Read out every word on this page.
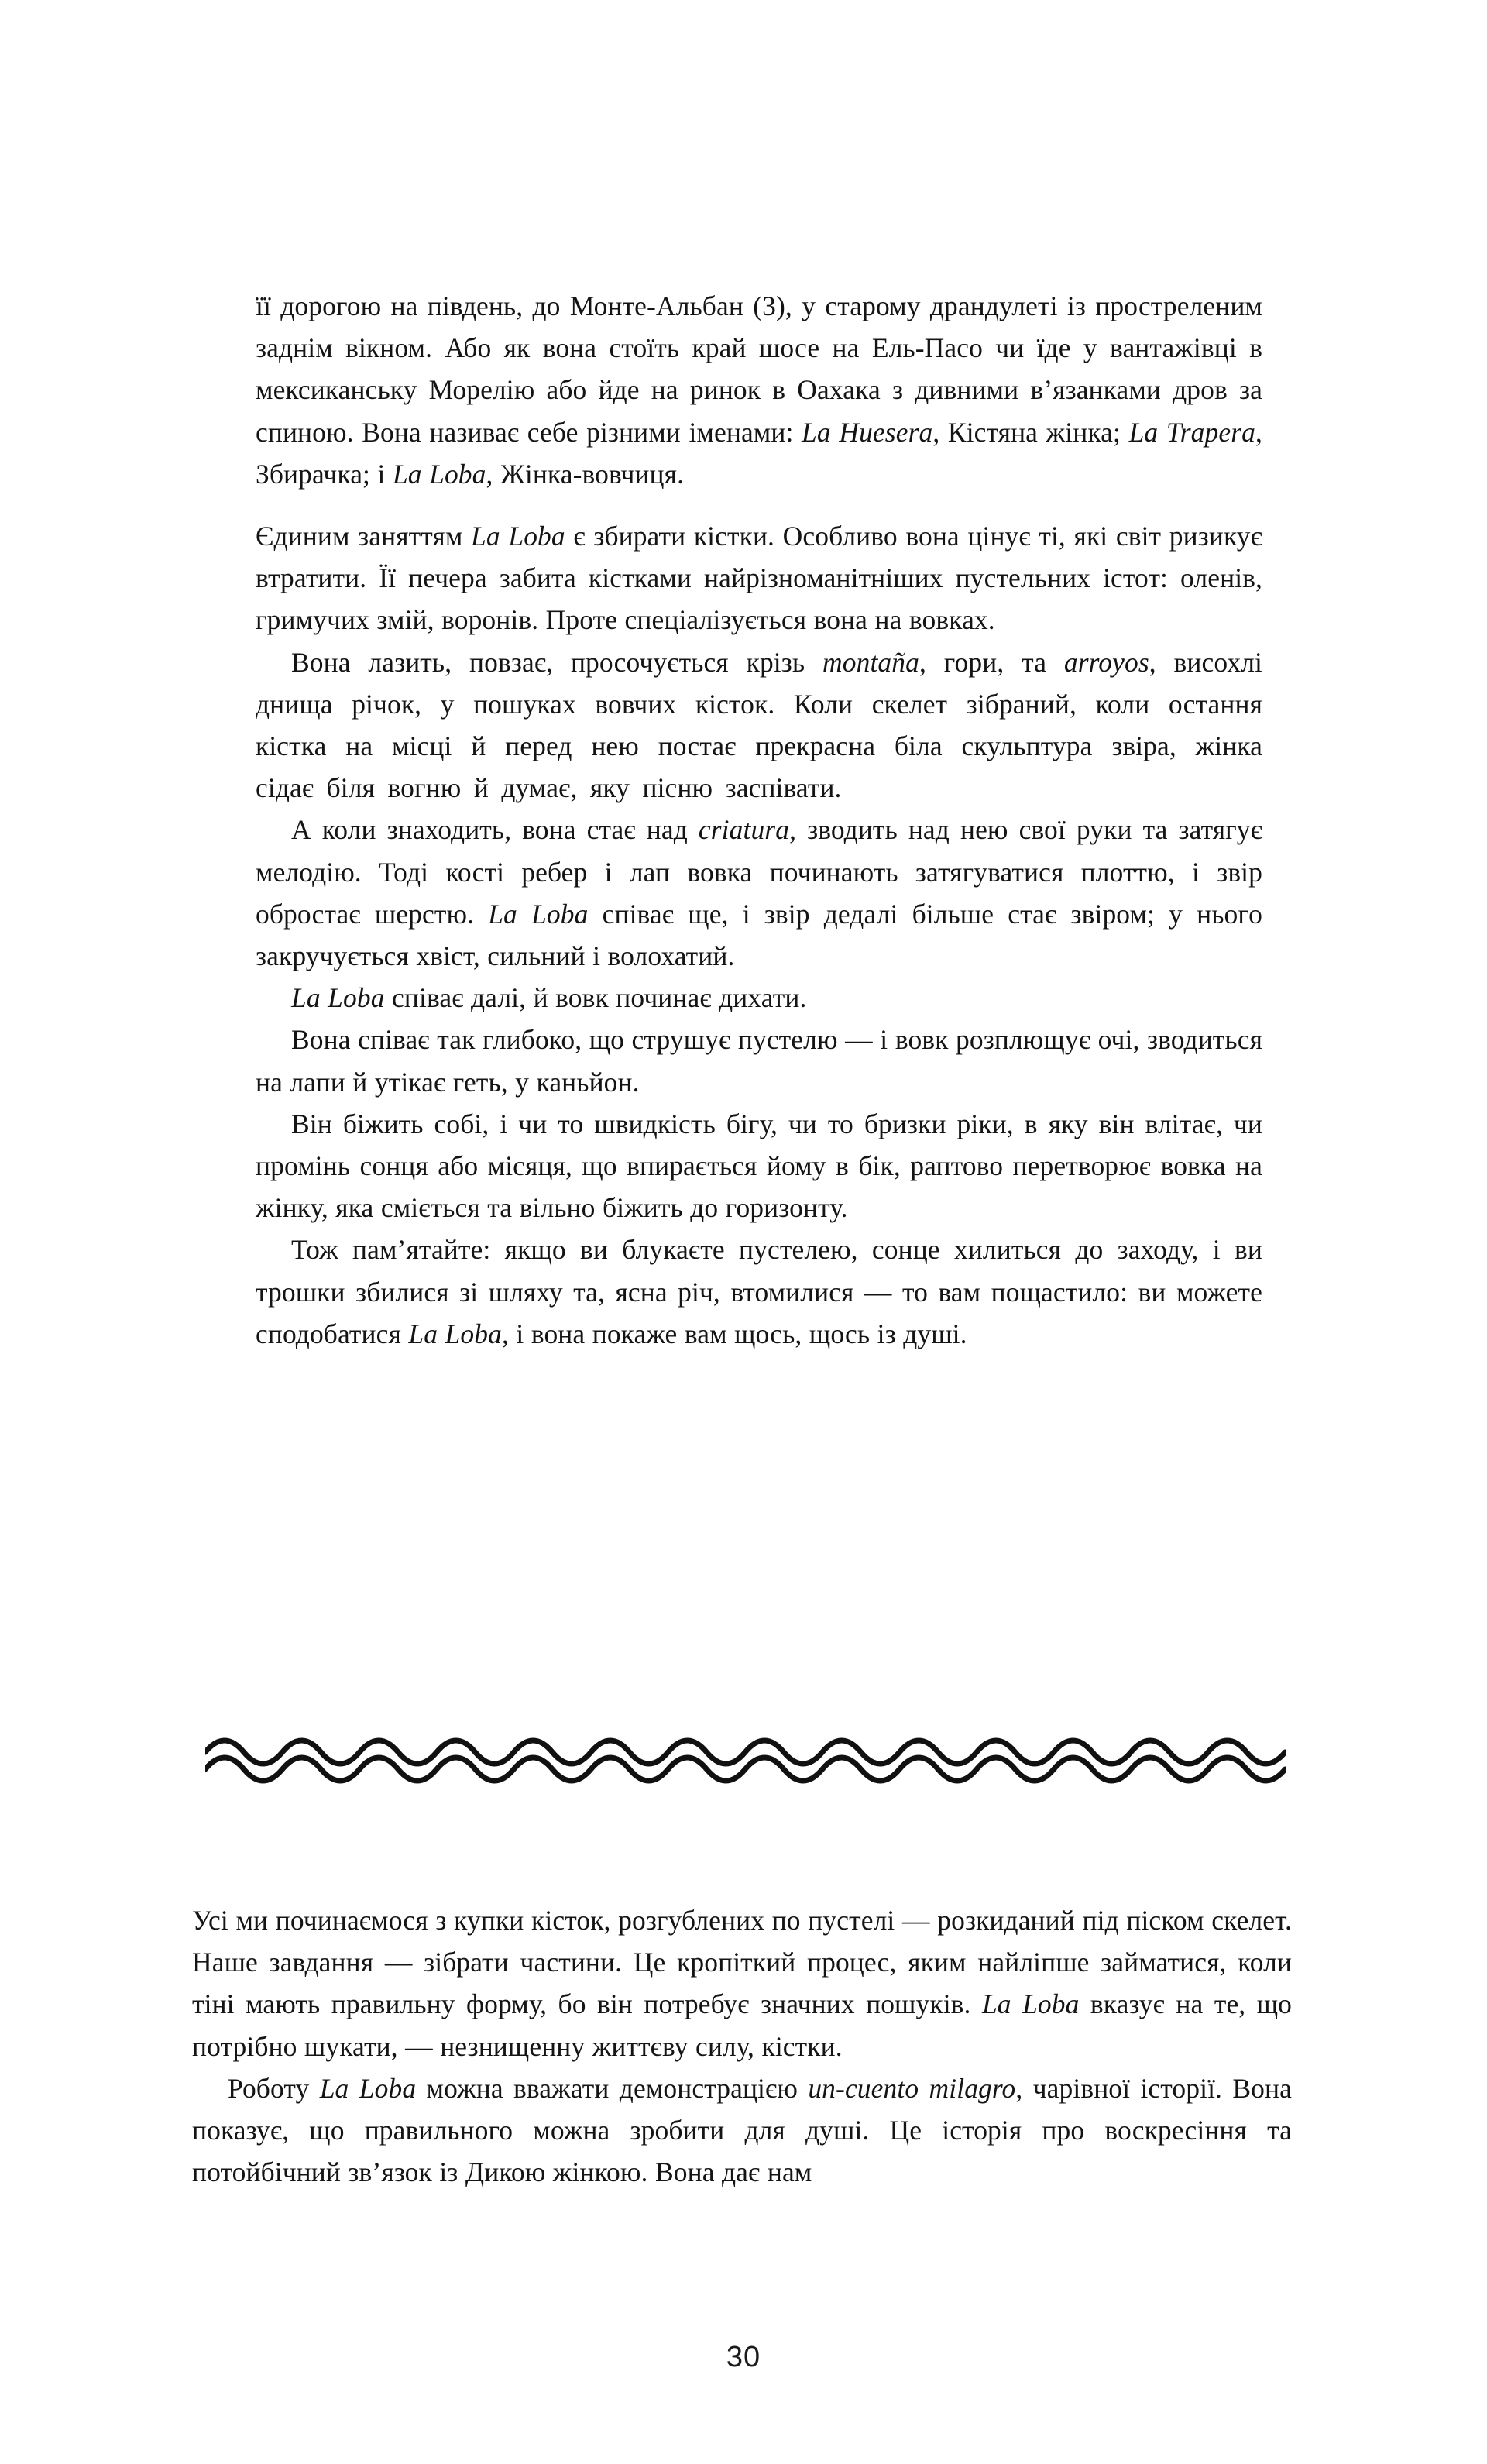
її дорогою на південь, до Монте-Альбан (3), у старому драндулеті із простреленим заднім вікном. Або як вона стоїть край шосе на Ель-Пасо чи їде у вантажівці в мексиканську Морелію або йде на ринок в Оахака з дивними в’язанками дров за спиною. Вона називає себе різними іменами: La Huesera, Кістяна жінка; La Trapera, Збирачка; і La Loba, Жінка-вовчиця.

Єдиним заняттям La Loba є збирати кістки. Особливо вона цінує ті, які світ ризикує втратити. Її печера забита кістками найрізноманітніших пустельних істот: оленів, гримучих змій, воронів. Проте спеціалізується вона на вовках.

Вона лазить, повзає, просочується крізь montaña, гори, та arroyos, висохлі днища річок, у пошуках вовчих кісток. Коли скелет зібраний, коли остання кістка на місці й перед нею постає прекрасна біла скульптура звіра, жінка сідає біля вогню й думає, яку пісню заспівати.

А коли знаходить, вона стає над criatura, зводить над нею свої руки та затягує мелодію. Тоді кості ребер і лап вовка починають затягуватися плоттю, і звір обростає шерстю. La Loba співає ще, і звір дедалі більше стає звіром; у нього закручується хвіст, сильний і волохатий.

La Loba співає далі, й вовк починає дихати.

Вона співає так глибоко, що струшує пустелю — і вовк розплющує очі, зводиться на лапи й утікає геть, у каньйон.

Він біжить собі, і чи то швидкість бігу, чи то бризки ріки, в яку він влітає, чи промінь сонця або місяця, що впирається йому в бік, раптово перетворює вовка на жінку, яка сміється та вільно біжить до горизонту.

Тож пам’ятайте: якщо ви блукаєте пустелею, сонце хилиться до заходу, і ви трошки збилися зі шляху та, ясна річ, втомилися — то вам пощастило: ви можете сподобатися La Loba, і вона покаже вам щось, щось із душі.

Усі ми починаємося з купки кісток, розгублених по пустелі — розкиданий під піском скелет. Наше завдання — зібрати частини. Це кропіткий процес, яким найліпше займатися, коли тіні мають правильну форму, бо він потребує значних пошуків. La Loba вказує на те, що потрібно шукати, — незнищенну життєву силу, кістки.

Роботу La Loba можна вважати демонстрацією un-cuento milagro, чарівної історії. Вона показує, що правильного можна зробити для душі. Це історія про воскресіння та потойбічний зв’язок із Дикою жінкою. Вона дає нам

30
